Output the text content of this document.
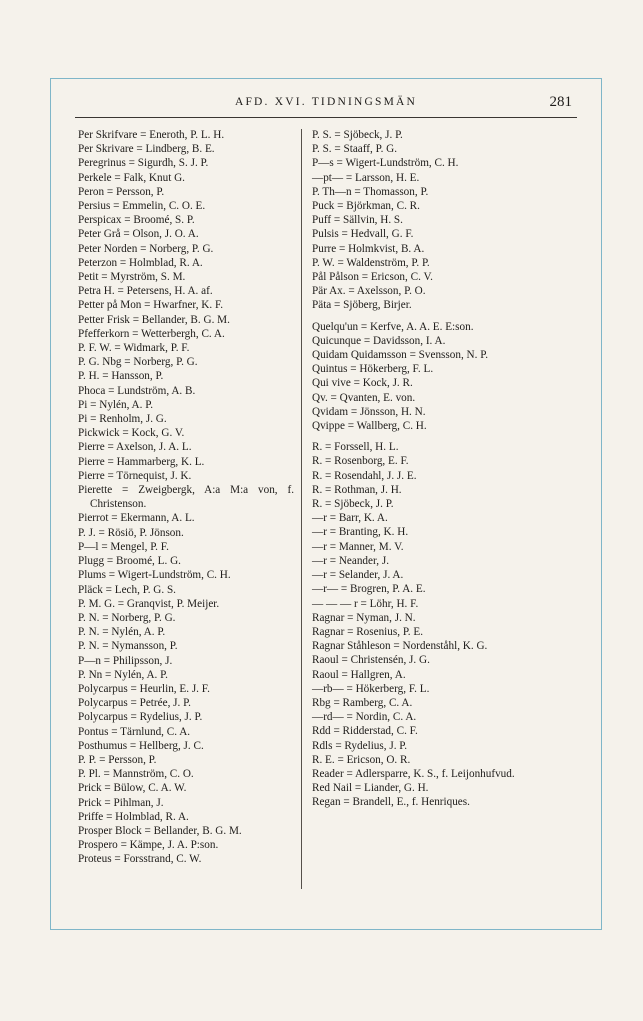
AFD. XVI. TIDNINGSMÄN	281
Per Skrifvare = Eneroth, P. L. H.
Per Skrivare = Lindberg, B. E.
Peregrinus = Sigurdh, S. J. P.
Perkele = Falk, Knut G.
Peron = Persson, P.
Persius = Emmelin, C. O. E.
Perspicax = Broomé, S. P.
Peter Grå = Olson, J. O. A.
Peter Norden = Norberg, P. G.
Peterzon = Holmblad, R. A.
Petit = Myrström, S. M.
Petra H. = Petersens, H. A. af.
Petter på Mon = Hwarfner, K. F.
Petter Frisk = Bellander, B. G. M.
Pfefferkorn = Wetterbergh, C. A.
P. F. W. = Widmark, P. F.
P. G. Nbg = Norberg, P. G.
P. H. = Hansson, P.
Phoca = Lundström, A. B.
Pi = Nylén, A. P.
Pi = Renholm, J. G.
Pickwick = Kock, G. V.
Pierre = Axelson, J. A. L.
Pierre = Hammarberg, K. L.
Pierre = Törnequist, J. K.
Pierette = Zweigbergk, A:a M:a von, f. Christenson.
Pierrot = Ekermann, A. L.
P. J. = Rösiö, P. Jönson.
P—l = Mengel, P. F.
Plugg = Broomé, L. G.
Plums = Wigert-Lundström, C. H.
Pläck = Lech, P. G. S.
P. M. G. = Granqvist, P. Meijer.
P. N. = Norberg, P. G.
P. N. = Nylén, A. P.
P. N. = Nymansson, P.
P—n = Philipsson, J.
P. Nn = Nylén, A. P.
Polycarpus = Heurlin, E. J. F.
Polycarpus = Petrée, J. P.
Polycarpus = Rydelius, J. P.
Pontus = Tärnlund, C. A.
Posthumus = Hellberg, J. C.
P. P. = Persson, P.
P. Pl. = Mannström, C. O.
Prick = Bülow, C. A. W.
Prick = Pihlman, J.
Priffe = Holmblad, R. A.
Prosper Block = Bellander, B. G. M.
Prospero = Kämpe, J. A. P:son.
Proteus = Forsstrand, C. W.
P. S. = Sjöbeck, J. P.
P. S. = Staaff, P. G.
P—s = Wigert-Lundström, C. H.
—pt— = Larsson, H. E.
P. Th—n = Thomasson, P.
Puck = Björkman, C. R.
Puff = Sällvin, H. S.
Pulsis = Hedvall, G. F.
Purre = Holmkvist, B. A.
P. W. = Waldenström, P. P.
Pål Pålson = Ericson, C. V.
Pär Ax. = Axelsson, P. O.
Päta = Sjöberg, Birjer.
Quelqu'un = Kerfve, A. A. E. E:son.
Quicunque = Davidsson, I. A.
Quidam Quidamsson = Svensson, N. P.
Quintus = Hökerberg, F. L.
Qui vive = Kock, J. R.
Qv. = Qvanten, E. von.
Qvidam = Jönsson, H. N.
Qvippe = Wallberg, C. H.
R. = Forssell, H. L.
R. = Rosenborg, E. F.
R. = Rosendahl, J. J. E.
R. = Rothman, J. H.
R. = Sjöbeck, J. P.
—r = Barr, K. A.
—r = Branting, K. H.
—r = Manner, M. V.
—r = Neander, J.
—r = Selander, J. A.
—r— = Brogren, P. A. E.
— — — r = Löhr, H. F.
Ragnar = Nyman, J. N.
Ragnar = Rosenius, P. E.
Ragnar Ståhleson = Nordenståhl, K. G.
Raoul = Christensén, J. G.
Raoul = Hallgren, A.
—rb— = Hökerberg, F. L.
Rbg = Ramberg, C. A.
—rd— = Nordin, C. A.
Rdd = Ridderstad, C. F.
Rdls = Rydelius, J. P.
R. E. = Ericson, O. R.
Reader = Adlersparre, K. S., f. Leijonhufvud.
Red Nail = Liander, G. H.
Regan = Brandell, E., f. Henriques.
